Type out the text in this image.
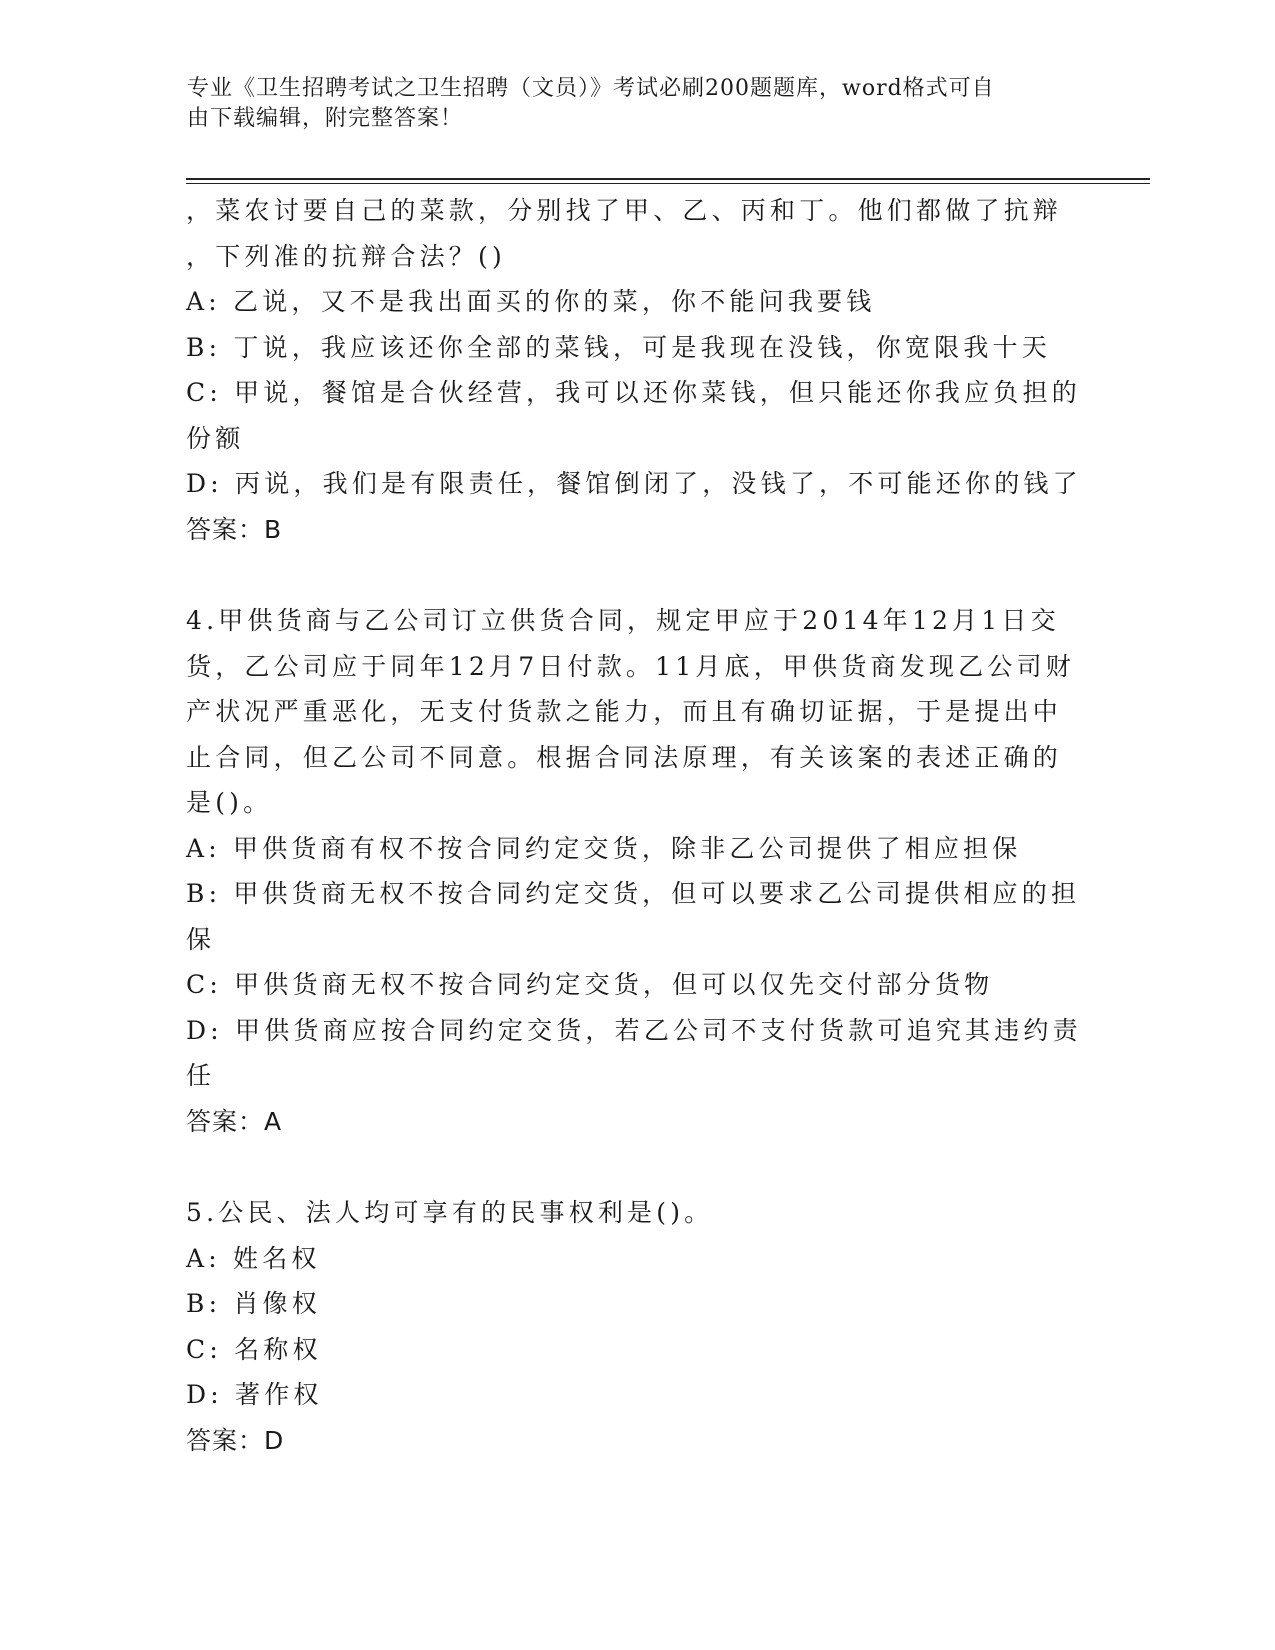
专业《卫生招聘考试之卫生招聘（文员）》考试必刷200题题库，word格式可自
由下载编辑，附完整答案！
，菜农讨要自己的菜款，分别找了甲、乙、丙和丁。他们都做了抗辩
，下列准的抗辩合法？()
A: 乙说，又不是我出面买的你的菜，你不能问我要钱
B: 丁说，我应该还你全部的菜钱，可是我现在没钱，你宽限我十天
C: 甲说，餐馆是合伙经营，我可以还你菜钱，但只能还你我应负担的
份额
D: 丙说，我们是有限责任，餐馆倒闭了，没钱了，不可能还你的钱了
答案：B
4.甲供货商与乙公司订立供货合同，规定甲应于2014年12月1日交
货，乙公司应于同年12月7日付款。11月底，甲供货商发现乙公司财
产状况严重恶化，无支付货款之能力，而且有确切证据，于是提出中
止合同，但乙公司不同意。根据合同法原理，有关该案的表述正确的
是()。
A: 甲供货商有权不按合同约定交货，除非乙公司提供了相应担保
B: 甲供货商无权不按合同约定交货，但可以要求乙公司提供相应的担
保
C: 甲供货商无权不按合同约定交货，但可以仅先交付部分货物
D: 甲供货商应按合同约定交货，若乙公司不支付货款可追究其违约责
任
答案：A
5.公民、法人均可享有的民事权利是()。
A: 姓名权
B: 肖像权
C: 名称权
D: 著作权
答案：D
